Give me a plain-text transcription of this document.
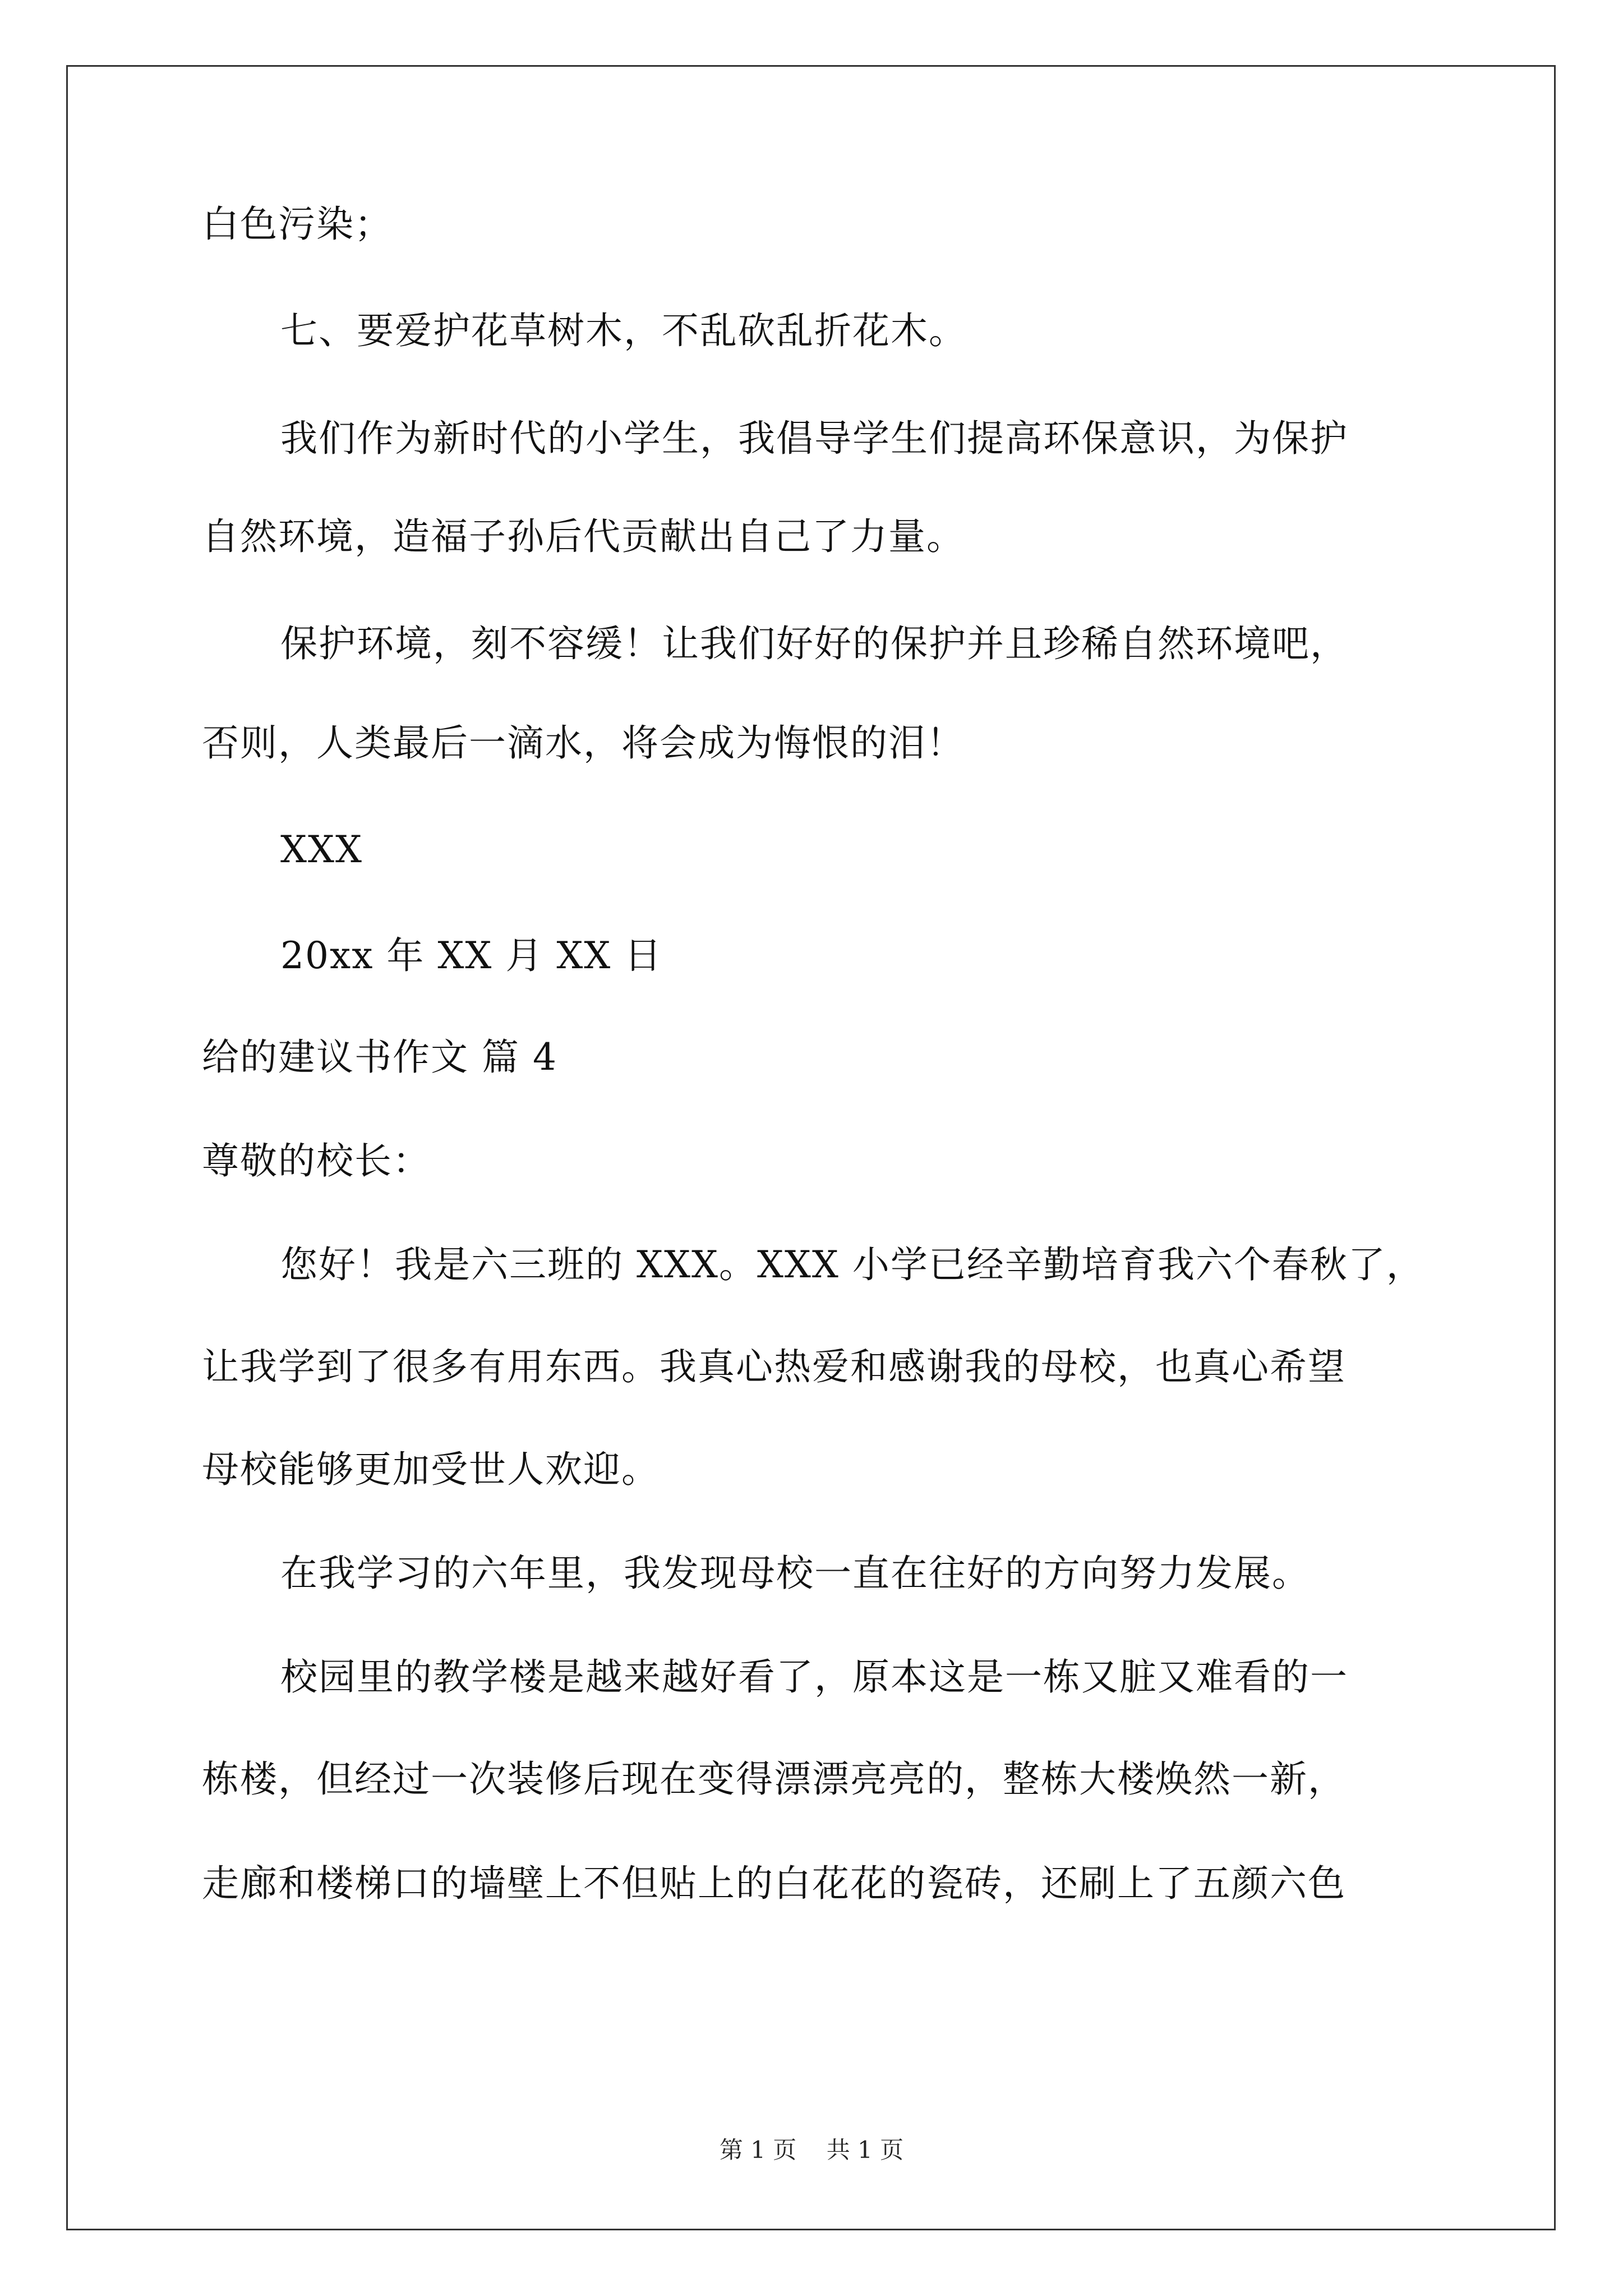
白色污染；
七、要爱护花草树木，不乱砍乱折花木。
我们作为新时代的小学生，我倡导学生们提高环保意识，为保护
自然环境，造福子孙后代贡献出自己了力量。
保护环境，刻不容缓！让我们好好的保护并且珍稀自然环境吧，
否则，人类最后一滴水，将会成为悔恨的泪！
XXX
20xx 年 XX 月 XX 日
给的建议书作文 篇 4
尊敬的校长：
您好！我是六三班的 XXX。XXX 小学已经辛勤培育我六个春秋了，
让我学到了很多有用东西。我真心热爱和感谢我的母校，也真心希望
母校能够更加受世人欢迎。
在我学习的六年里，我发现母校一直在往好的方向努力发展。
校园里的教学楼是越来越好看了，原本这是一栋又脏又难看的一
栋楼，但经过一次装修后现在变得漂漂亮亮的，整栋大楼焕然一新，
走廊和楼梯口的墙壁上不但贴上的白花花的瓷砖，还刷上了五颜六色
第 1 页 共 1 页
